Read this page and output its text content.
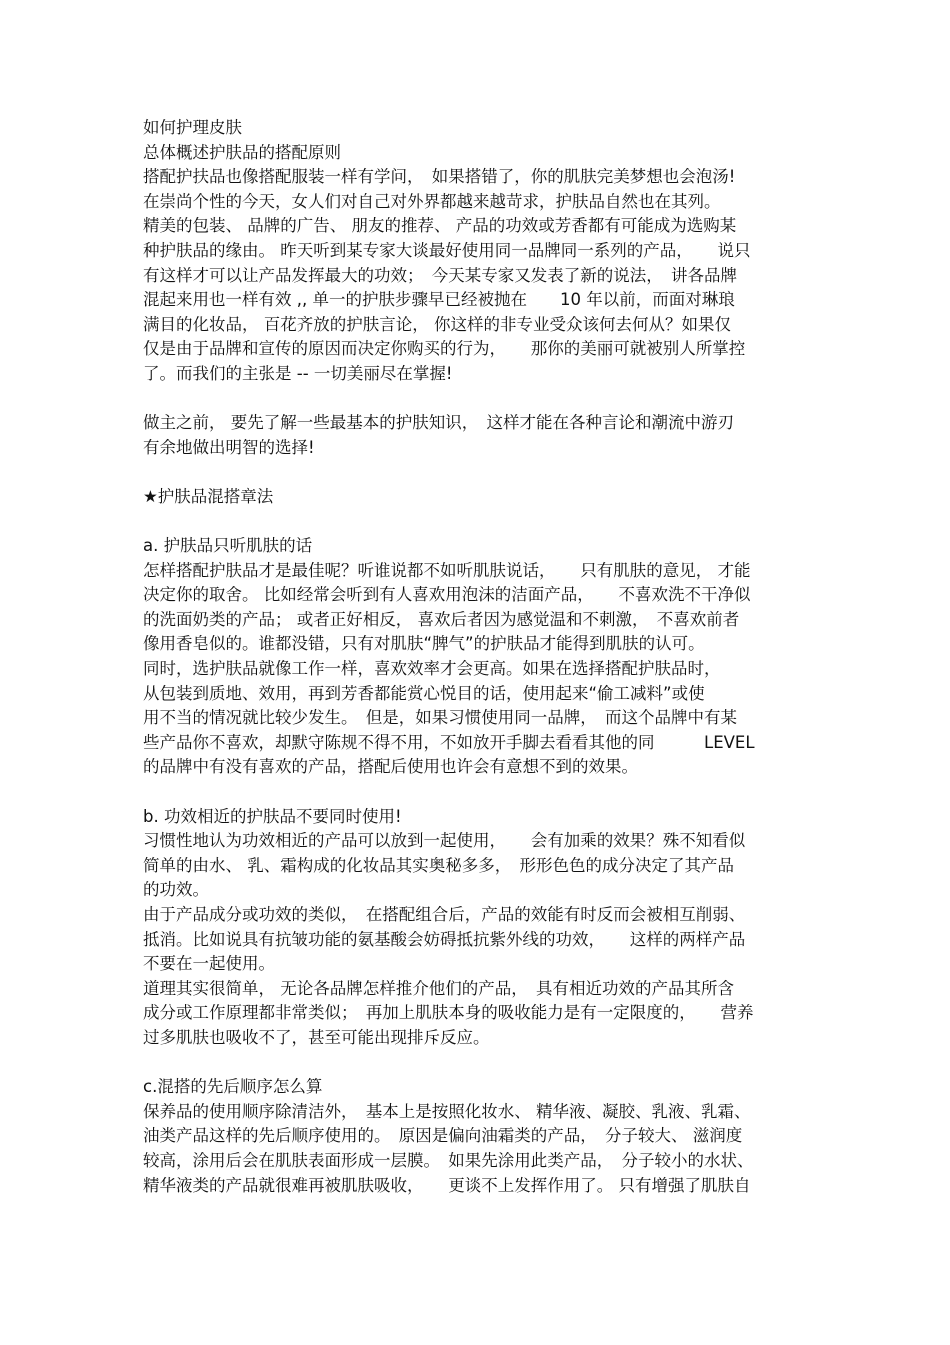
如何护理皮肤
总体概述护肤品的搭配原则
搭配护扶品也像搭配服装一样有学问，　如果搭错了，你的肌肤完美梦想也会泡汤!
在崇尚个性的今天，女人们对自己对外界都越来越苛求，护肤品自然也在其列。
精美的包装、 品牌的广告、 朋友的推荐、 产品的功效或芳香都有可能成为选购某
种护肤品的缘由。 昨天听到某专家大谈最好使用同一品牌同一系列的产品，　　说只
有这样才可以让产品发挥最大的功效；　今天某专家又发表了新的说法，　讲各品牌
混起来用也一样有效 ,, 单一的护肤步骤早已经被抛在　　10 年以前，而面对琳琅
满目的化妆品， 百花齐放的护肤言论， 你这样的非专业受众该何去何从？如果仅
仅是由于品牌和宣传的原因而决定你购买的行为，　　那你的美丽可就被别人所掌控
了。而我们的主张是 -- 一切美丽尽在掌握!
做主之前， 要先了解一些最基本的护肤知识，　这样才能在各种言论和潮流中游刃
有余地做出明智的选择!
★护肤品混搭章法
a. 护肤品只听肌肤的话
怎样搭配护肤品才是最佳呢？听谁说都不如听肌肤说话，　　只有肌肤的意见， 才能
决定你的取舍。 比如经常会听到有人喜欢用泡沫的洁面产品，　　不喜欢洗不干净似
的洗面奶类的产品； 或者正好相反， 喜欢后者因为感觉温和不刺激，　不喜欢前者
像用香皂似的。谁都没错，只有对肌肤“脾气”的护肤品才能得到肌肤的认可。
同时，选护肤品就像工作一样，喜欢效率才会更高。如果在选择搭配护肤品时，
从包装到质地、效用，再到芳香都能赏心悦目的话，使用起来“偷工减料”或使
用不当的情况就比较少发生。　但是，如果习惯使用同一品牌，　而这个品牌中有某
些产品你不喜欢，却默守陈规不得不用，不如放开手脚去看看其他的同　　　LEVEL
的品牌中有没有喜欢的产品，搭配后使用也许会有意想不到的效果。
b. 功效相近的护肤品不要同时使用!
习惯性地认为功效相近的产品可以放到一起使用，　　会有加乘的效果？殊不知看似
简单的由水、 乳、霜构成的化妆品其实奥秘多多，　形形色色的成分决定了其产品
的功效。
由于产品成分或功效的类似，　在搭配组合后，产品的效能有时反而会被相互削弱、
抵消。比如说具有抗皱功能的氨基酸会妨碍抵抗紫外线的功效，　　这样的两样产品
不要在一起使用。
道理其实很简单， 无论各品牌怎样推介他们的产品，　具有相近功效的产品其所含
成分或工作原理都非常类似；　再加上肌肤本身的吸收能力是有一定限度的，　　营养
过多肌肤也吸收不了，甚至可能出现排斥反应。
c.混搭的先后顺序怎么算
保养品的使用顺序除清洁外，　基本上是按照化妆水、 精华液、凝胶、乳液、乳霜、
油类产品这样的先后顺序使用的。　原因是偏向油霜类的产品，　分子较大、 滋润度
较高，涂用后会在肌肤表面形成一层膜。　如果先涂用此类产品，　分子较小的水状、
精华液类的产品就很难再被肌肤吸收，　　更谈不上发挥作用了。 只有增强了肌肤自
